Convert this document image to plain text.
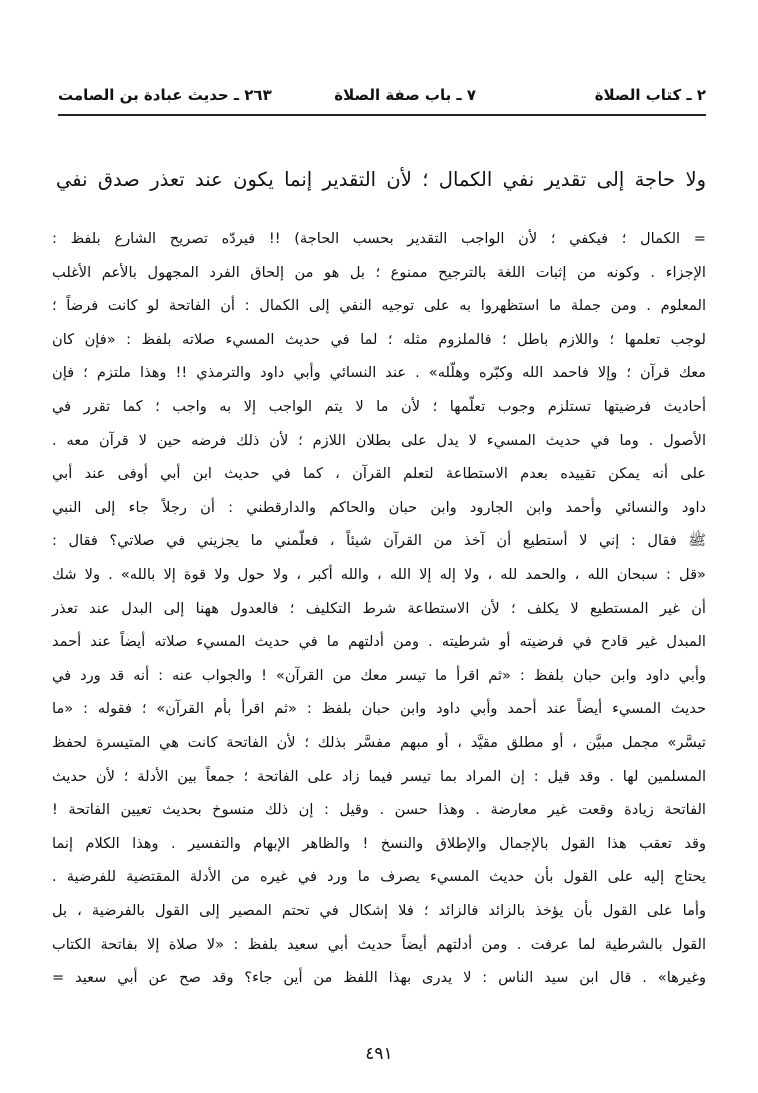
٢ ـ كتاب الصلاة
٧ ـ باب صفة الصلاة
٢٦٣ ـ حديث عبادة بن الصامت
ولا حاجة إلى تقدير نفي الكمال ؛ لأن التقدير إنما يكون عند تعذر صدق نفي
= الكمال ؛ فيكفي ؛ لأن الواجب التقدير بحسب الحاجة) !! فيردّه تصريح الشارع بلفظ :
الإجزاء . وكونه من إثبات اللغة بالترجيح ممنوع ؛ بل هو من إلحاق الفرد المجهول بالأعم الأغلب
المعلوم . ومن جملة ما استظهروا به على توجيه النفي إلى الكمال : أن الفاتحة لو كانت فرضاً ؛
لوجب تعلمها ؛ واللازم باطل ؛ فالملزوم مثله ؛ لما في حديث المسيء صلاته بلفظ : «فإن كان
معك قرآن ؛ وإلا فاحمد الله وكبّره وهلّله» . عند النسائي وأبي داود والترمذي !! وهذا ملتزم ؛ فإن
أحاديث فرضيتها تستلزم وجوب تعلّمها ؛ لأن ما لا يتم الواجب إلا به واجب ؛ كما تقرر في
الأصول . وما في حديث المسيء لا يدل على بطلان اللازم ؛ لأن ذلك فرضه حين لا قرآن معه .
على أنه يمكن تقييده بعدم الاستطاعة لتعلم القرآن ، كما في حديث ابن أبي أوفى عند أبي
داود والنسائي وأحمد وابن الجارود وابن حبان والحاكم والدارقطني : أن رجلاً جاء إلى النبي
ﷺ فقال : إني لا أستطيع أن آخذ من القرآن شيئاً ، فعلّمني ما يجزيني في صلاتي؟ فقال :
«قل : سبحان الله ، والحمد لله ، ولا إله إلا الله ، والله أكبر ، ولا حول ولا قوة إلا بالله» . ولا شك
أن غير المستطيع لا يكلف ؛ لأن الاستطاعة شرط التكليف ؛ فالعدول ههنا إلى البدل عند تعذر
المبدل غير قادح في فرضيته أو شرطيته . ومن أدلتهم ما في حديث المسيء صلاته أيضاً عند أحمد
وأبي داود وابن حبان بلفظ : «ثم اقرأ ما تيسر معك من القرآن» ! والجواب عنه : أنه قد ورد في
حديث المسيء أيضاً عند أحمد وأبي داود وابن حبان بلفظ : «ثم اقرأ بأم القرآن» ؛ فقوله : «ما
تيسَّر» مجمل مبيَّن ، أو مطلق مقيَّد ، أو مبهم مفسَّر بذلك ؛ لأن الفاتحة كانت هي المتيسرة لحفظ
المسلمين لها . وقد قيل : إن المراد بما تيسر فيما زاد على الفاتحة ؛ جمعاً بين الأدلة ؛ لأن حديث
الفاتحة زيادة وقعت غير معارضة . وهذا حسن . وقيل : إن ذلك منسوخ بحديث تعيين الفاتحة !
وقد تعقب هذا القول بالإجمال والإطلاق والنسخ ! والظاهر الإبهام والتفسير . وهذا الكلام إنما
يحتاج إليه على القول بأن حديث المسيء يصرف ما ورد في غيره من الأدلة المقتضية للفرضية .
وأما على القول بأن يؤخذ بالزائد فالزائد ؛ فلا إشكال في تحتم المصير إلى القول بالفرضية ، بل
القول بالشرطية لما عرفت . ومن أدلتهم أيضاً حديث أبي سعيد بلفظ : «لا صلاة إلا بفاتحة الكتاب
وغيرها» . قال ابن سيد الناس : لا يدرى بهذا اللفظ من أين جاء؟ وقد صح عن أبي سعيد =
٤٩١
